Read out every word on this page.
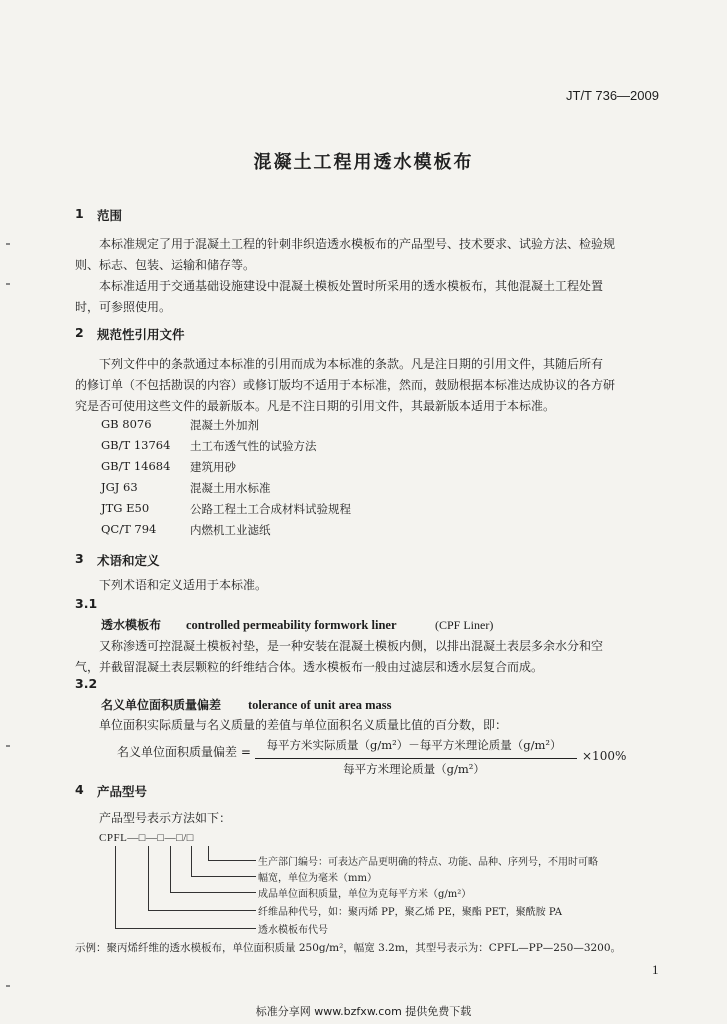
JT/T 736—2009
混凝土工程用透水模板布
1 范围
本标准规定了用于混凝土工程的针刺非织造透水模板布的产品型号、技术要求、试验方法、检验规
则、标志、包装、运输和储存等。
本标准适用于交通基础设施建设中混凝土模板处置时所采用的透水模板布，其他混凝土工程处置
时，可参照使用。
2 规范性引用文件
下列文件中的条款通过本标准的引用而成为本标准的条款。凡是注日期的引用文件，其随后所有
的修订单（不包括勘误的内容）或修订版均不适用于本标准，然而，鼓励根据本标准达成协议的各方研
究是否可使用这些文件的最新版本。凡是不注日期的引用文件，其最新版本适用于本标准。
GB 8076	混凝土外加剂
GB/T 13764 土工布透气性的试验方法
GB/T 14684 建筑用砂
JGJ 63	混凝土用水标准
JTG E50	公路工程土工合成材料试验规程
QC/T 794	内燃机工业滤纸
3 术语和定义
下列术语和定义适用于本标准。
3.1
透水模板布 controlled permeability formwork liner	(CPF Liner)
又称渗透可控混凝土模板衬垫，是一种安装在混凝土模板内侧，以排出混凝土表层多余水分和空
气，并截留混凝土表层颗粒的纤维结合体。透水模板布一般由过滤层和透水层复合而成。
3.2
名义单位面积质量偏差 tolerance of unit area mass
单位面积实际质量与名义质量的差值与单位面积名义质量比值的百分数，即：
名义单位面积质量偏差 =	每平方米实际质量（g/m²）－每平方米理论质量（g/m²）
每平方米理论质量（g/m²）
×100%
4 产品型号
产品型号表示方法如下：
CPFL—□—□—□/□
生产部门编号：可表达产品更明确的特点、功能、品种、序列号，不用时可略
幅宽，单位为毫米（mm）
成品单位面积质量，单位为克每平方米（g/m²）
纤维品种代号，如：聚丙烯 PP，聚乙烯 PE，聚酯 PET，聚酰胺 PA
透水模板布代号
示例：聚丙烯纤维的透水模板布，单位面积质量 250g/m²，幅宽 3.2m，其型号表示为：CPFL—PP—250—3200。
1
标准分享网 www.bzfxw.com 提供免费下载
